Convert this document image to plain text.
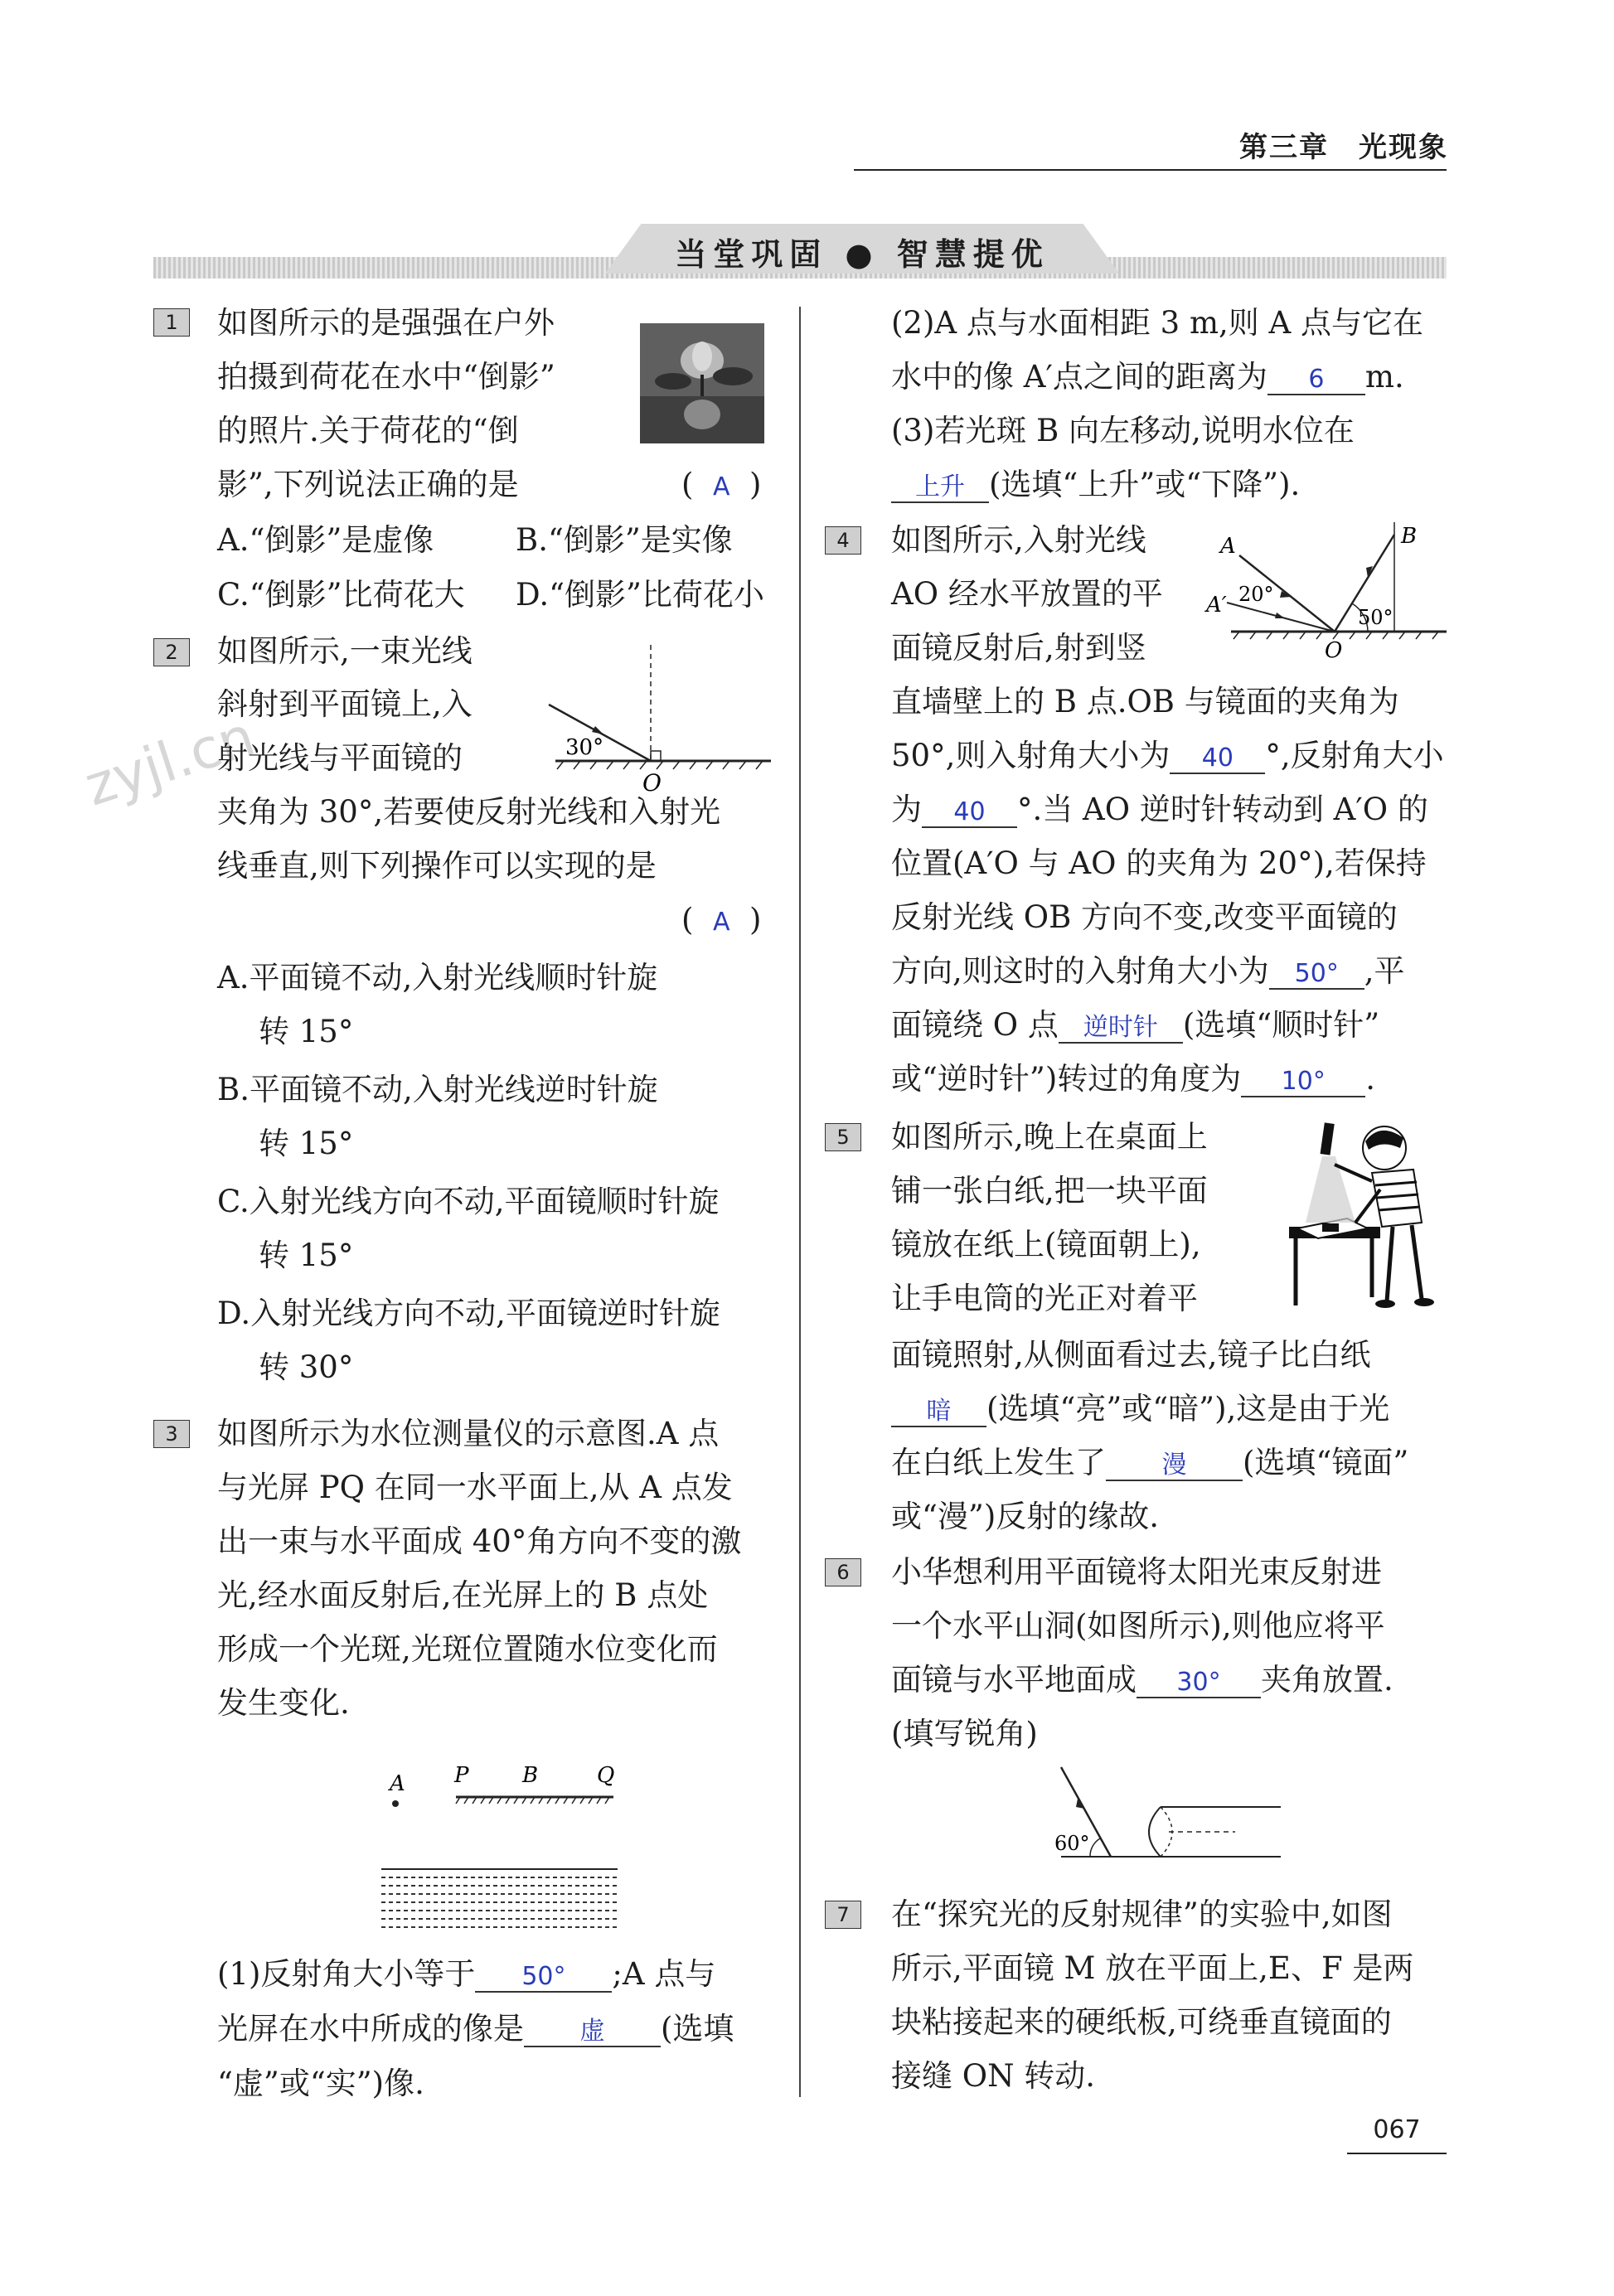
第三章　光现象
当堂巩固 ● 智慧提优
zyjl.cn
1	如图所示的是强强在户外
拍摄到荷花在水中“倒影”
的照片.关于荷花的“倒
影”,下列说法正确的是	(  A  )
A.“倒影”是虚像	B.“倒影”是实像
C.“倒影”比荷花大 D.“倒影”比荷花小
2	如图所示,一束光线
斜射到平面镜上,入
射光线与平面镜的	30°
O
夹角为 30°,若要使反射光线和入射光
线垂直,则下列操作可以实现的是
(  A  )
A.平面镜不动,入射光线顺时针旋
转 15°
B.平面镜不动,入射光线逆时针旋
转 15°
C.入射光线方向不动,平面镜顺时针旋
转 15°
D.入射光线方向不动,平面镜逆时针旋
转 30°
3	如图所示为水位测量仪的示意图.A 点
与光屏 PQ 在同一水平面上,从 A 点发
出一束与水平面成 40°角方向不变的激
光,经水面反射后,在光屏上的 B 点处
形成一个光斑,光斑位置随水位变化而
发生变化.
A P B	Q
(1)反射角大小等于 50° ;A 点与
光屏在水中所成的像是 虚 (选填
“虚”或“实”)像.
(2)A 点与水面相距 3 m,则 A 点与它在
水中的像 A′点之间的距离为 6 m.
(3)若光斑 B 向左移动,说明水位在
上升 (选填“上升”或“下降”).
4	如图所示,入射光线
AO 经水平放置的平
面镜反射后,射到竖
A
A′
B
O
20°
50°
直墙壁上的 B 点.OB 与镜面的夹角为
50°,则入射角大小为 40 °,反射角大小
为 40 °.当 AO 逆时针转动到 A′O 的
位置(A′O 与 AO 的夹角为 20°),若保持
反射光线 OB 方向不变,改变平面镜的
方向,则这时的入射角大小为 50° ,平
面镜绕 O 点 逆时针 (选填“顺时针”
或“逆时针”)转过的角度为 10° .
5	如图所示,晚上在桌面上
铺一张白纸,把一块平面
镜放在纸上(镜面朝上),
让手电筒的光正对着平
面镜照射,从侧面看过去,镜子比白纸
暗 (选填“亮”或“暗”),这是由于光
在白纸上发生了 漫 (选填“镜面”
或“漫”)反射的缘故.
6	小华想利用平面镜将太阳光束反射进
一个水平山洞(如图所示),则他应将平
面镜与水平地面成 30° 夹角放置.
(填写锐角)
60°
7	在“探究光的反射规律”的实验中,如图
所示,平面镜 M 放在平面上,E、F 是两
块粘接起来的硬纸板,可绕垂直镜面的
接缝 ON 转动.
067
